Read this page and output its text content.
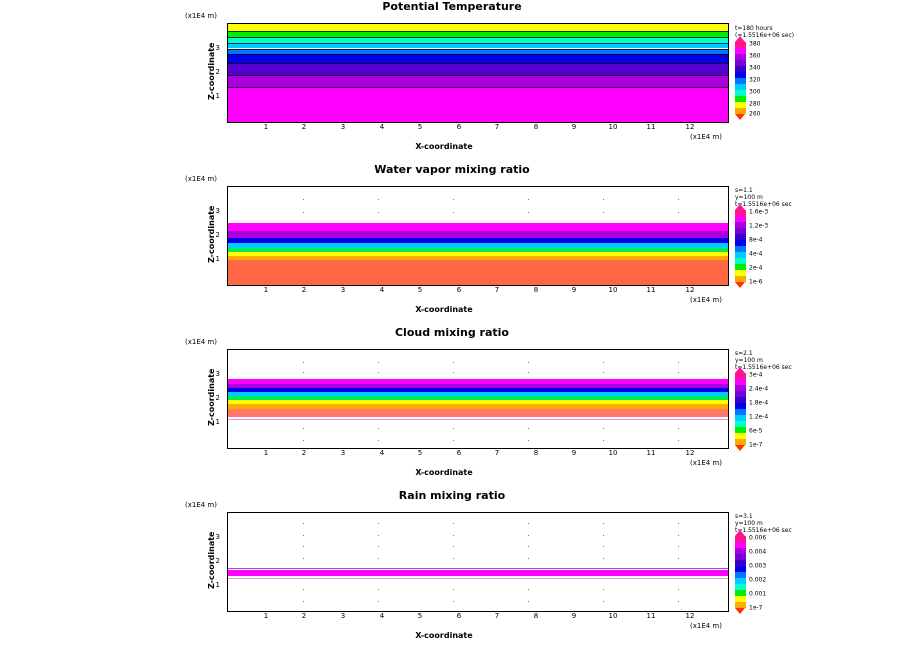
Potential Temperature
(x1E4 m)
Z-coordinate 1
2
3
1	2	3	4	5	6	7	8	9	10	11	12
(x1E4 m)
X-coordinate
t=180 hours
(=1.5516e+06 sec)
380
360
340
320
300
280
260
Water vapor mixing ratio
(x1E4 m)
Z-coordinate 1
2
3
1	2	3	4	5	6	7	8	9	10	11	12
(x1E4 m)
X-coordinate
s=1.1
y=100 m
t=1.5516e+06 sec
1.6e-3
1.2e-3
8e-4
4e-4
2e-4
1e-6
Cloud mixing ratio
(x1E4 m)
Z-coordinate 1
2
3
1	2	3	4	5	6	7	8	9	10	11	12
(x1E4 m)
X-coordinate
s=2.1
y=100 m
t=1.5516e+06 sec
3e-4
2.4e-4
1.8e-4
1.2e-4
6e-5
1e-7
Rain mixing ratio
(x1E4 m)
Z-coordinate 1
2
3
1	2	3	4	5	6	7	8	9	10	11	12
(x1E4 m)
X-coordinate
s=3.1
y=100 m
t=1.5516e+06 sec
0.006
0.004
0.003
0.002
0.001
1e-7
